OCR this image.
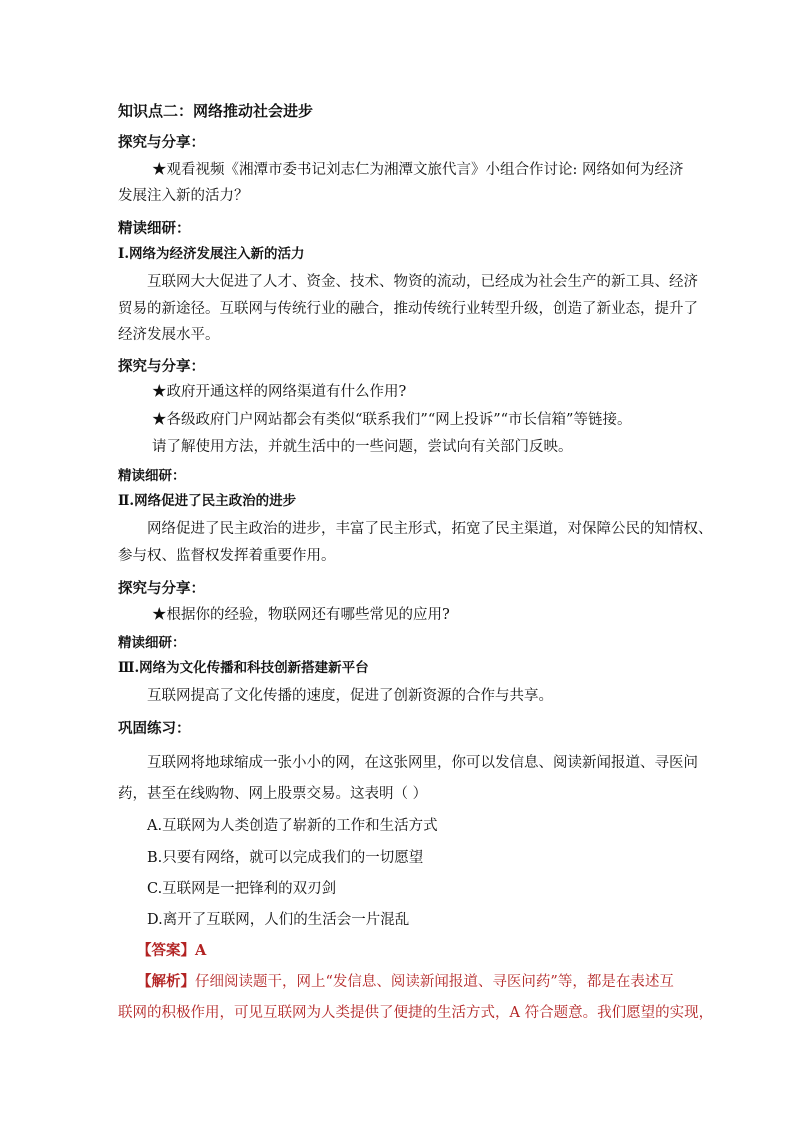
知识点二：网络推动社会进步
探究与分享：
★观看视频《湘潭市委书记刘志仁为湘潭文旅代言》小组合作讨论: 网络如何为经济
发展注入新的活力？
精读细研：
Ⅰ.网络为经济发展注入新的活力
互联网大大促进了人才、资金、技术、物资的流动，已经成为社会生产的新工具、经济
贸易的新途径。互联网与传统行业的融合，推动传统行业转型升级，创造了新业态，提升了
经济发展水平。
探究与分享：
★政府开通这样的网络渠道有什么作用?
★各级政府门户网站都会有类似“联系我们”“网上投诉”“市长信箱”等链接。
请了解使用方法，并就生活中的一些问题，尝试向有关部门反映。
精读细研：
Ⅱ.网络促进了民主政治的进步
网络促进了民主政治的进步，丰富了民主形式，拓宽了民主渠道，对保障公民的知情权、
参与权、监督权发挥着重要作用。
探究与分享：
★根据你的经验，物联网还有哪些常见的应用?
精读细研：
Ⅲ.网络为文化传播和科技创新搭建新平台
互联网提高了文化传播的速度，促进了创新资源的合作与共享。
巩固练习：
互联网将地球缩成一张小小的网，在这张网里，你可以发信息、阅读新闻报道、寻医问
药，甚至在线购物、网上股票交易。这表明（ ）
A.互联网为人类创造了崭新的工作和生活方式
B.只要有网络，就可以完成我们的一切愿望
C.互联网是一把锋利的双刃剑
D.离开了互联网，人们的生活会一片混乱
【答案】A
【解析】仔细阅读题干，网上“发信息、阅读新闻报道、寻医问药”等，都是在表述互
联网的积极作用，可见互联网为人类提供了便捷的生活方式，A 符合题意。我们愿望的实现，
